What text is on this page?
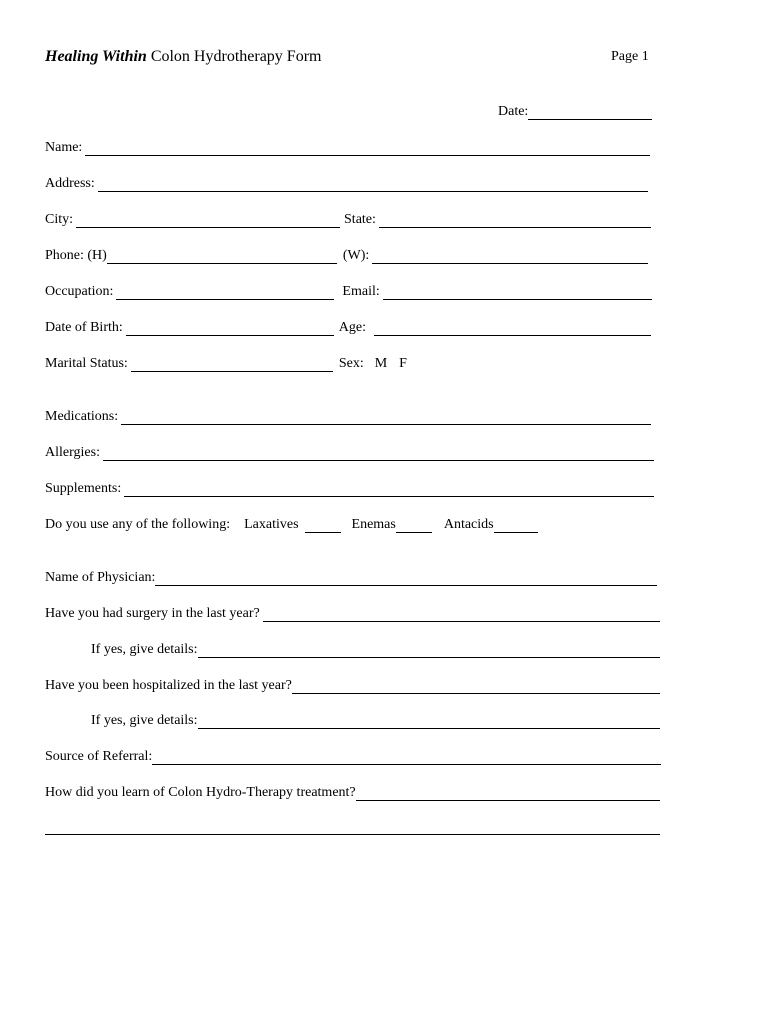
Healing Within Colon Hydrotherapy Form	Page 1
Date:
Name:
Address:
City:	State:
Phone: (H)	(W):
Occupation:	Email:
Date of Birth:	Age:
Marital Status:	Sex: M F
Medications:
Allergies:
Supplements:
Do you use any of the following: Laxatives	Enemas	Antacids
Name of Physician:
Have you had surgery in the last year?
If yes, give details:
Have you been hospitalized in the last year?
If yes, give details:
Source of Referral:
How did you learn of Colon Hydro-Therapy treatment?
